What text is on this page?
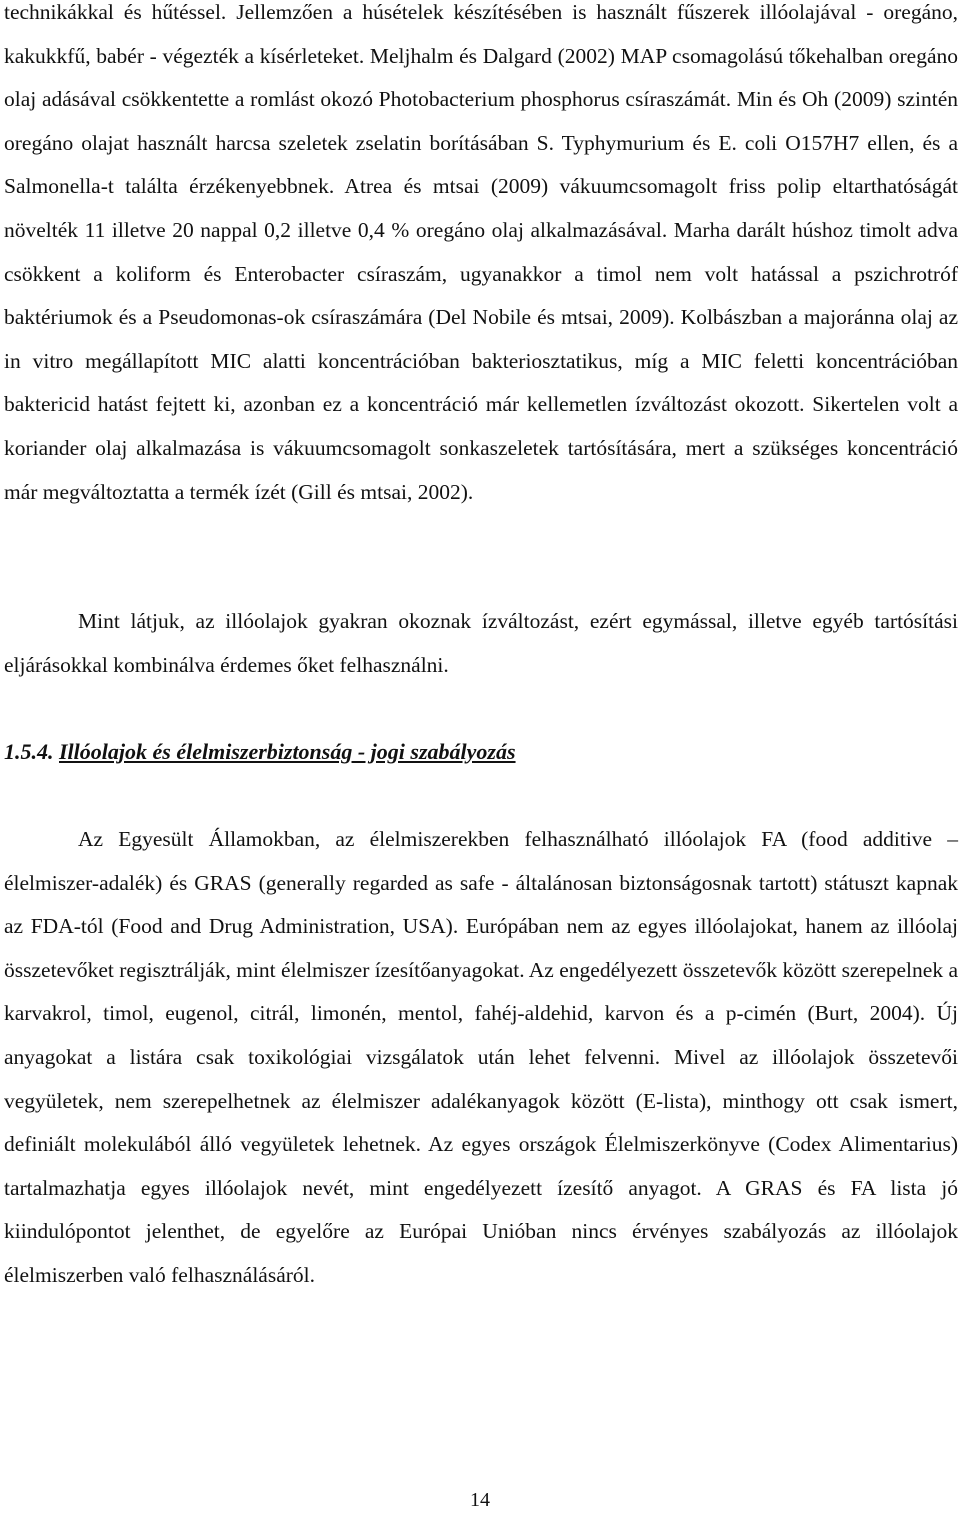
technikákkal és hűtéssel. Jellemzően a húsételek készítésében is használt fűszerek illóolajával - oregáno, kakukkfű, babér - végezték a kísérleteket. Meljhalm és Dalgard (2002) MAP csomagolású tőkehalban oregáno olaj adásával csökkentette a romlást okozó Photobacterium phosphorus csíraszámát. Min és Oh (2009) szintén oregáno olajat használt harcsa szeletek zselatin borításában S. Typhymurium és E. coli O157H7 ellen, és a Salmonella-t találta érzékenyebbnek. Atrea és mtsai (2009) vákuumcsomagolt friss polip eltarthatóságát növelték 11 illetve 20 nappal 0,2 illetve 0,4 % oregáno olaj alkalmazásával. Marha darált húshoz timolt adva csökkent a koliform és Enterobacter csíraszám, ugyanakkor a timol nem volt hatással a pszichrotróf baktériumok és a Pseudomonas-ok csíraszámára (Del Nobile és mtsai, 2009). Kolbászban a majoránna olaj az in vitro megállapított MIC alatti koncentrációban bakteriosztatikus, míg a MIC feletti koncentrációban baktericid hatást fejtett ki, azonban ez a koncentráció már kellemetlen ízváltozást okozott. Sikertelen volt a koriander olaj alkalmazása is vákuumcsomagolt sonkaszeletek tartósítására, mert a szükséges koncentráció már megváltoztatta a termék ízét (Gill és mtsai, 2002).

Mint látjuk, az illóolajok gyakran okoznak ízváltozást, ezért egymással, illetve egyéb tartósítási eljárásokkal kombinálva érdemes őket felhasználni.

1.5.4. Illóolajok és élelmiszerbiztonság - jogi szabályozás

Az Egyesült Államokban, az élelmiszerekben felhasználható illóolajok FA (food additive – élelmiszer-adalék) és GRAS (generally regarded as safe - általánosan biztonságosnak tartott) státuszt kapnak az FDA-tól (Food and Drug Administration, USA). Európában nem az egyes illóolajokat, hanem az illóolaj összetevőket regisztrálják, mint élelmiszer ízesítőanyagokat. Az engedélyezett összetevők között szerepelnek a karvakrol, timol, eugenol, citrál, limonén, mentol, fahéj-aldehid, karvon és a p-cimén (Burt, 2004). Új anyagokat a listára csak toxikológiai vizsgálatok után lehet felvenni. Mivel az illóolajok összetevői vegyületek, nem szerepelhetnek az élelmiszer adalékanyagok között (E-lista), minthogy ott csak ismert, definiált molekulából álló vegyületek lehetnek. Az egyes országok Élelmiszerkönyve (Codex Alimentarius) tartalmazhatja egyes illóolajok nevét, mint engedélyezett ízesítő anyagot. A GRAS és FA lista jó kiindulópontot jelenthet, de egyelőre az Európai Unióban nincs érvényes szabályozás az illóolajok élelmiszerben való felhasználásáról.

14
